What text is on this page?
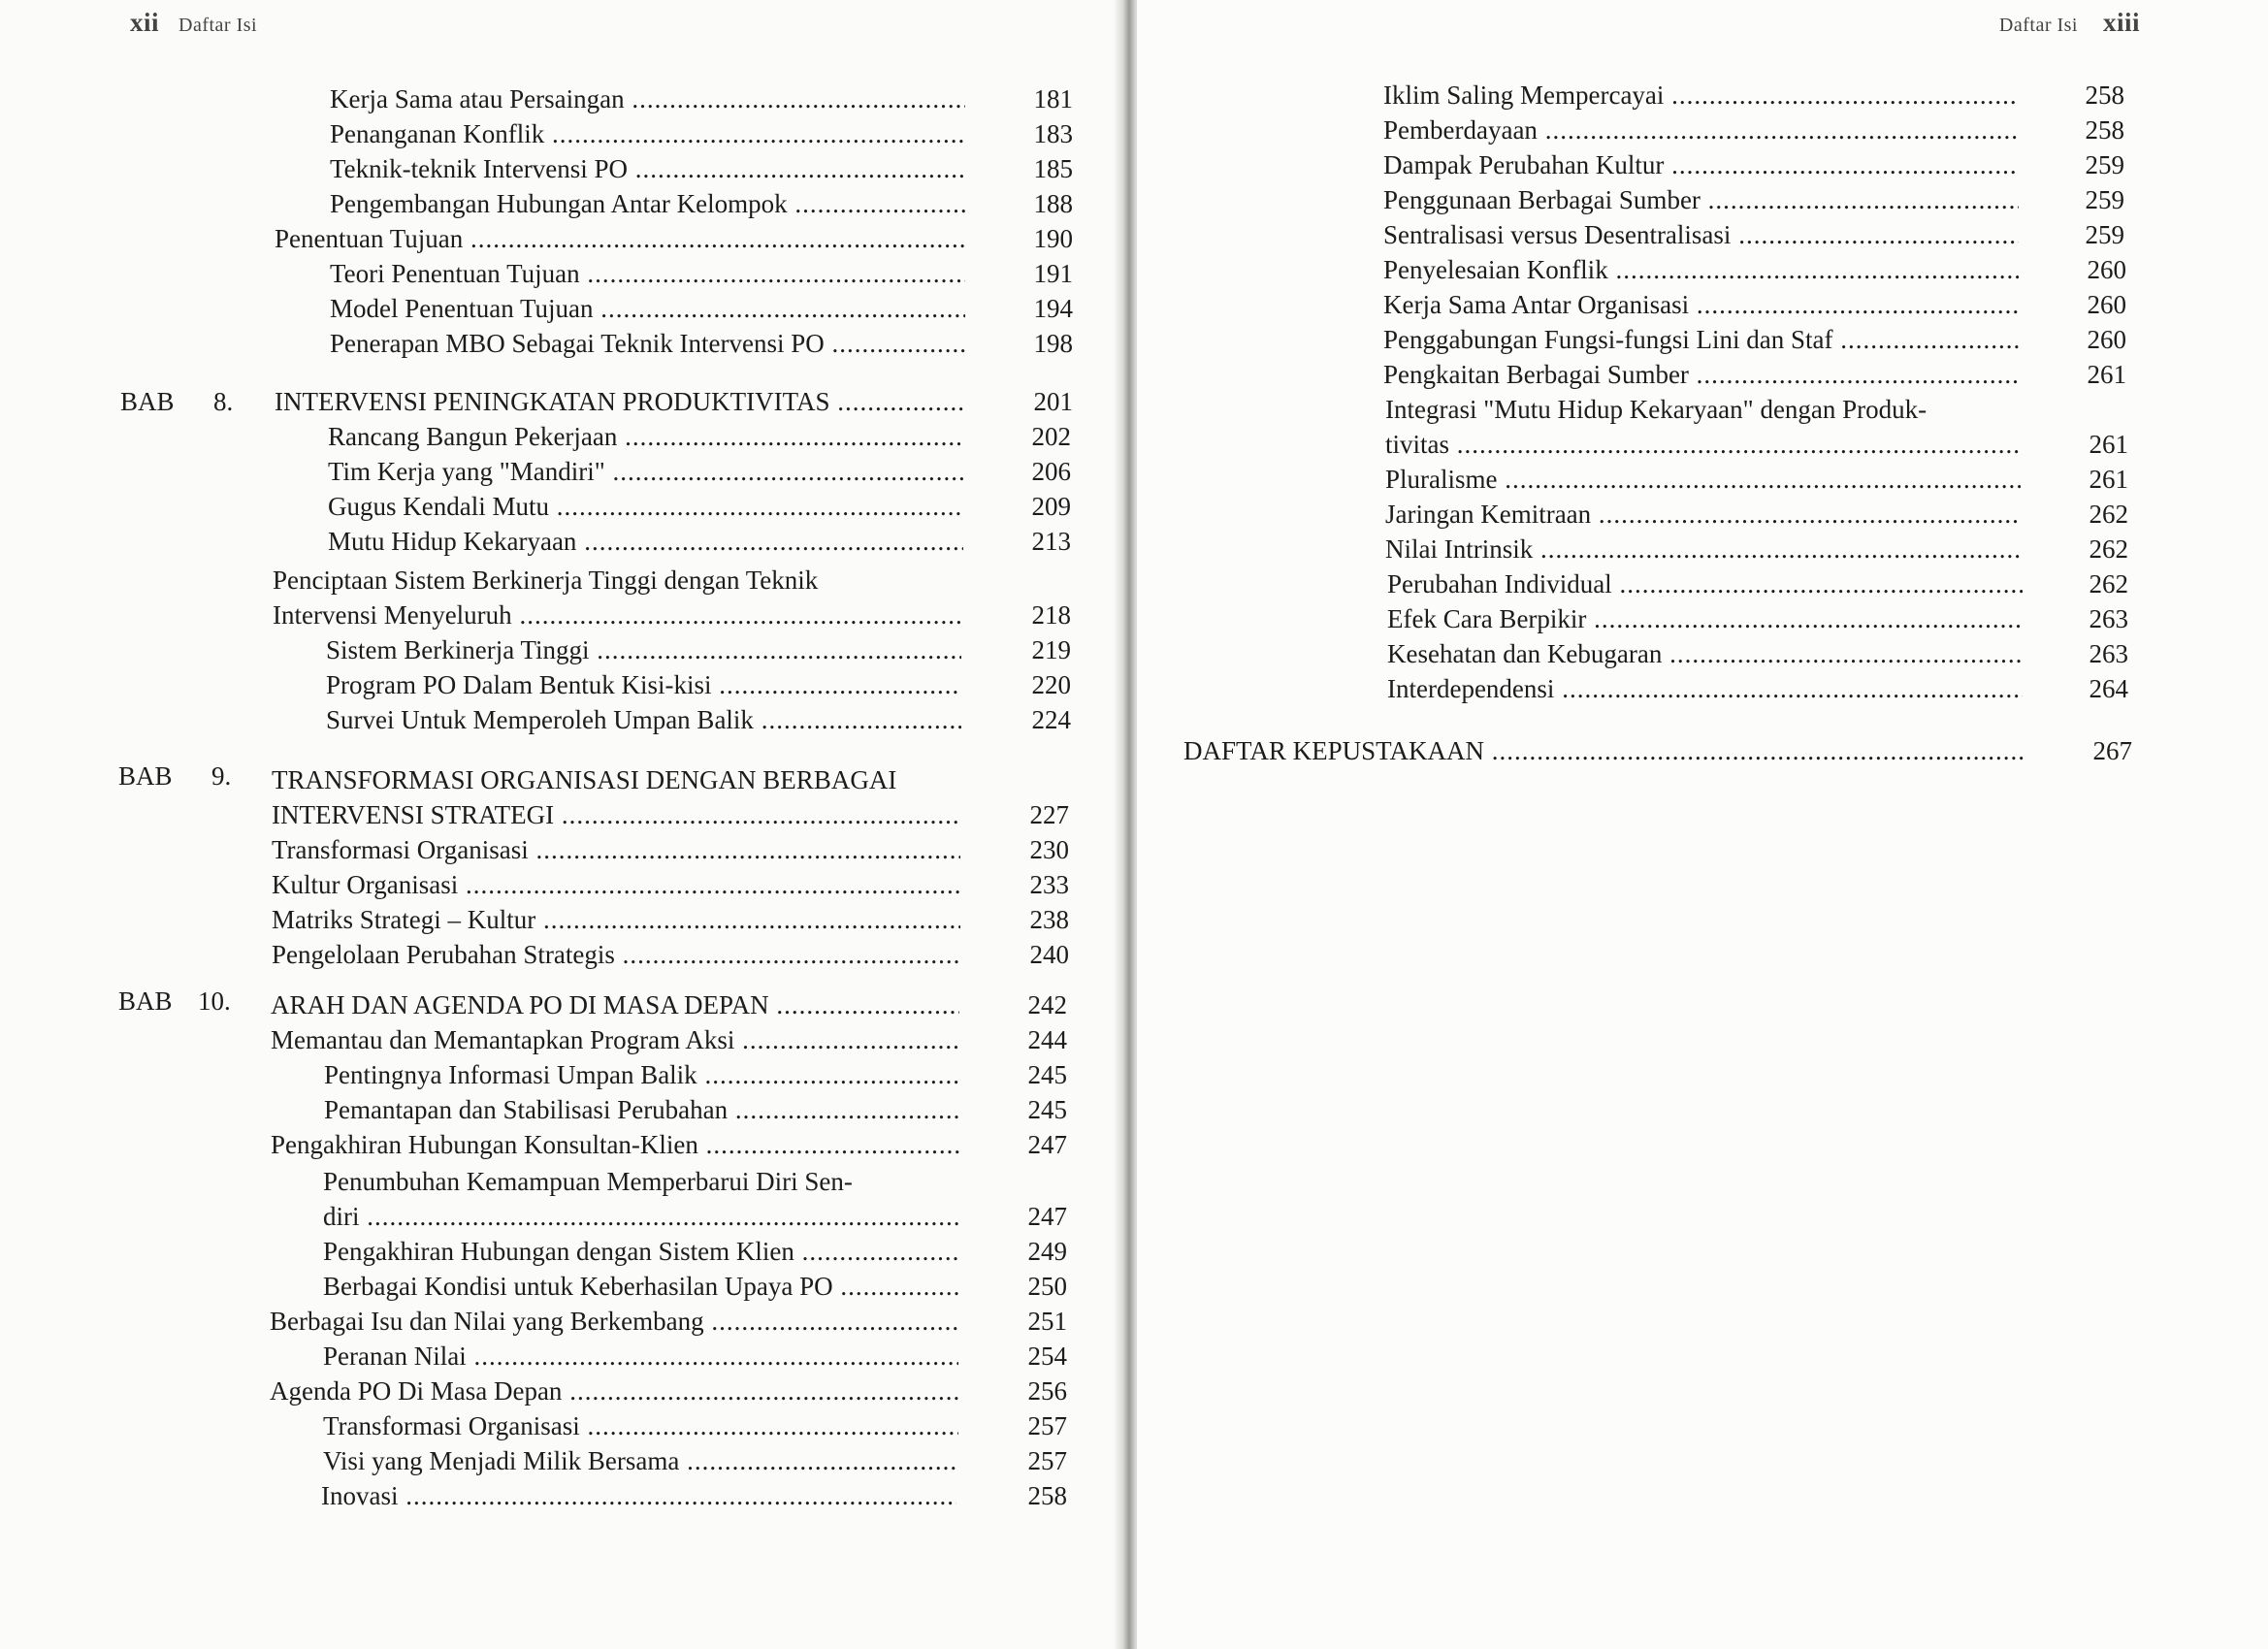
xii Daftar Isi
Kerja Sama atau Persaingan .....	181
Penanganan Konflik .....	183
Teknik-teknik Intervensi PO .....	185
Pengembangan Hubungan Antar Kelompok .....	188
Penentuan Tujuan .....	190
Teori Penentuan Tujuan .....	191
Model Penentuan Tujuan .....	194
Penerapan MBO Sebagai Teknik Intervensi PO .....	198
BAB 8. INTERVENSI PENINGKATAN PRODUKTIVITAS .....	201
Rancang Bangun Pekerjaan .....	202
Tim Kerja yang "Mandiri" .....	206
Gugus Kendali Mutu .....	209
Mutu Hidup Kekaryaan .....	213
Penciptaan Sistem Berkinerja Tinggi dengan Teknik
Intervensi Menyeluruh .....	218
Sistem Berkinerja Tinggi .....	219
Program PO Dalam Bentuk Kisi-kisi .....	220
Survei Untuk Memperoleh Umpan Balik .....	224
BAB 9. TRANSFORMASI ORGANISASI DENGAN BERBAGAI
INTERVENSI STRATEGI .....	227
Transformasi Organisasi .....	230
Kultur Organisasi .....	233
Matriks Strategi – Kultur .....	238
Pengelolaan Perubahan Strategis .....	240
BAB 10. ARAH DAN AGENDA PO DI MASA DEPAN .....	242
Memantau dan Memantapkan Program Aksi .....	244
Pentingnya Informasi Umpan Balik .....	245
Pemantapan dan Stabilisasi Perubahan .....	245
Pengakhiran Hubungan Konsultan-Klien .....	247
Penumbuhan Kemampuan Memperbarui Diri Sen-
diri .....	247
Pengakhiran Hubungan dengan Sistem Klien .....	249
Berbagai Kondisi untuk Keberhasilan Upaya PO .....	250
Berbagai Isu dan Nilai yang Berkembang .....	251
Peranan Nilai .....	254
Agenda PO Di Masa Depan .....	256
Transformasi Organisasi .....	257
Visi yang Menjadi Milik Bersama .....	257
Inovasi .....	258
Daftar Isi xiii
Iklim Saling Mempercayai .....	258
Pemberdayaan .....	258
Dampak Perubahan Kultur .....	259
Penggunaan Berbagai Sumber .....	259
Sentralisasi versus Desentralisasi .....	259
Penyelesaian Konflik .....	260
Kerja Sama Antar Organisasi .....	260
Penggabungan Fungsi-fungsi Lini dan Staf .....	260
Pengkaitan Berbagai Sumber .....	261
Integrasi "Mutu Hidup Kekaryaan" dengan Produk-
tivitas .....	261
Pluralisme .....	261
Jaringan Kemitraan .....	262
Nilai Intrinsik .....	262
Perubahan Individual .....	262
Efek Cara Berpikir .....	263
Kesehatan dan Kebugaran .....	263
Interdependensi .....	264
DAFTAR KEPUSTAKAAN .....	267
